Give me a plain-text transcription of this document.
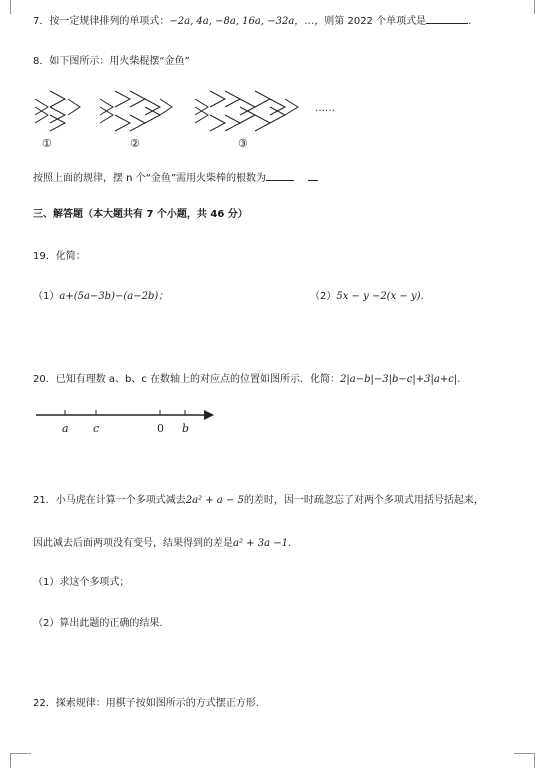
7．按一定规律排列的单项式：−2a, 4a, −8a, 16a, −32a，…，则第 2022 个单项式是	.
8．如下图所示：用火柴棍摆“金鱼”
……
①	②	③
按照上面的规律，摆 n 个“金鱼”需用火柴棒的根数为
三、解答题（本大题共有 7 个小题，共 46 分）
19．化简：
（1）a+(5a−3b)−(a−2b)；	（2）5x − y −2(x − y).
20．已知有理数 a、b、c 在数轴上的对应点的位置如图所示．化简：2|a−b|−3|b−c|+3|a+c|.
a c	0 b
21．小马虎在计算一个多项式减去2a² + a − 5的差时，因一时疏忽忘了对两个多项式用括号括起来，
因此减去后面两项没有变号，结果得到的差是a² + 3a −1.
（1）求这个多项式；
（2）算出此题的正确的结果.
22．探索规律：用棋子按如图所示的方式摆正方形.
